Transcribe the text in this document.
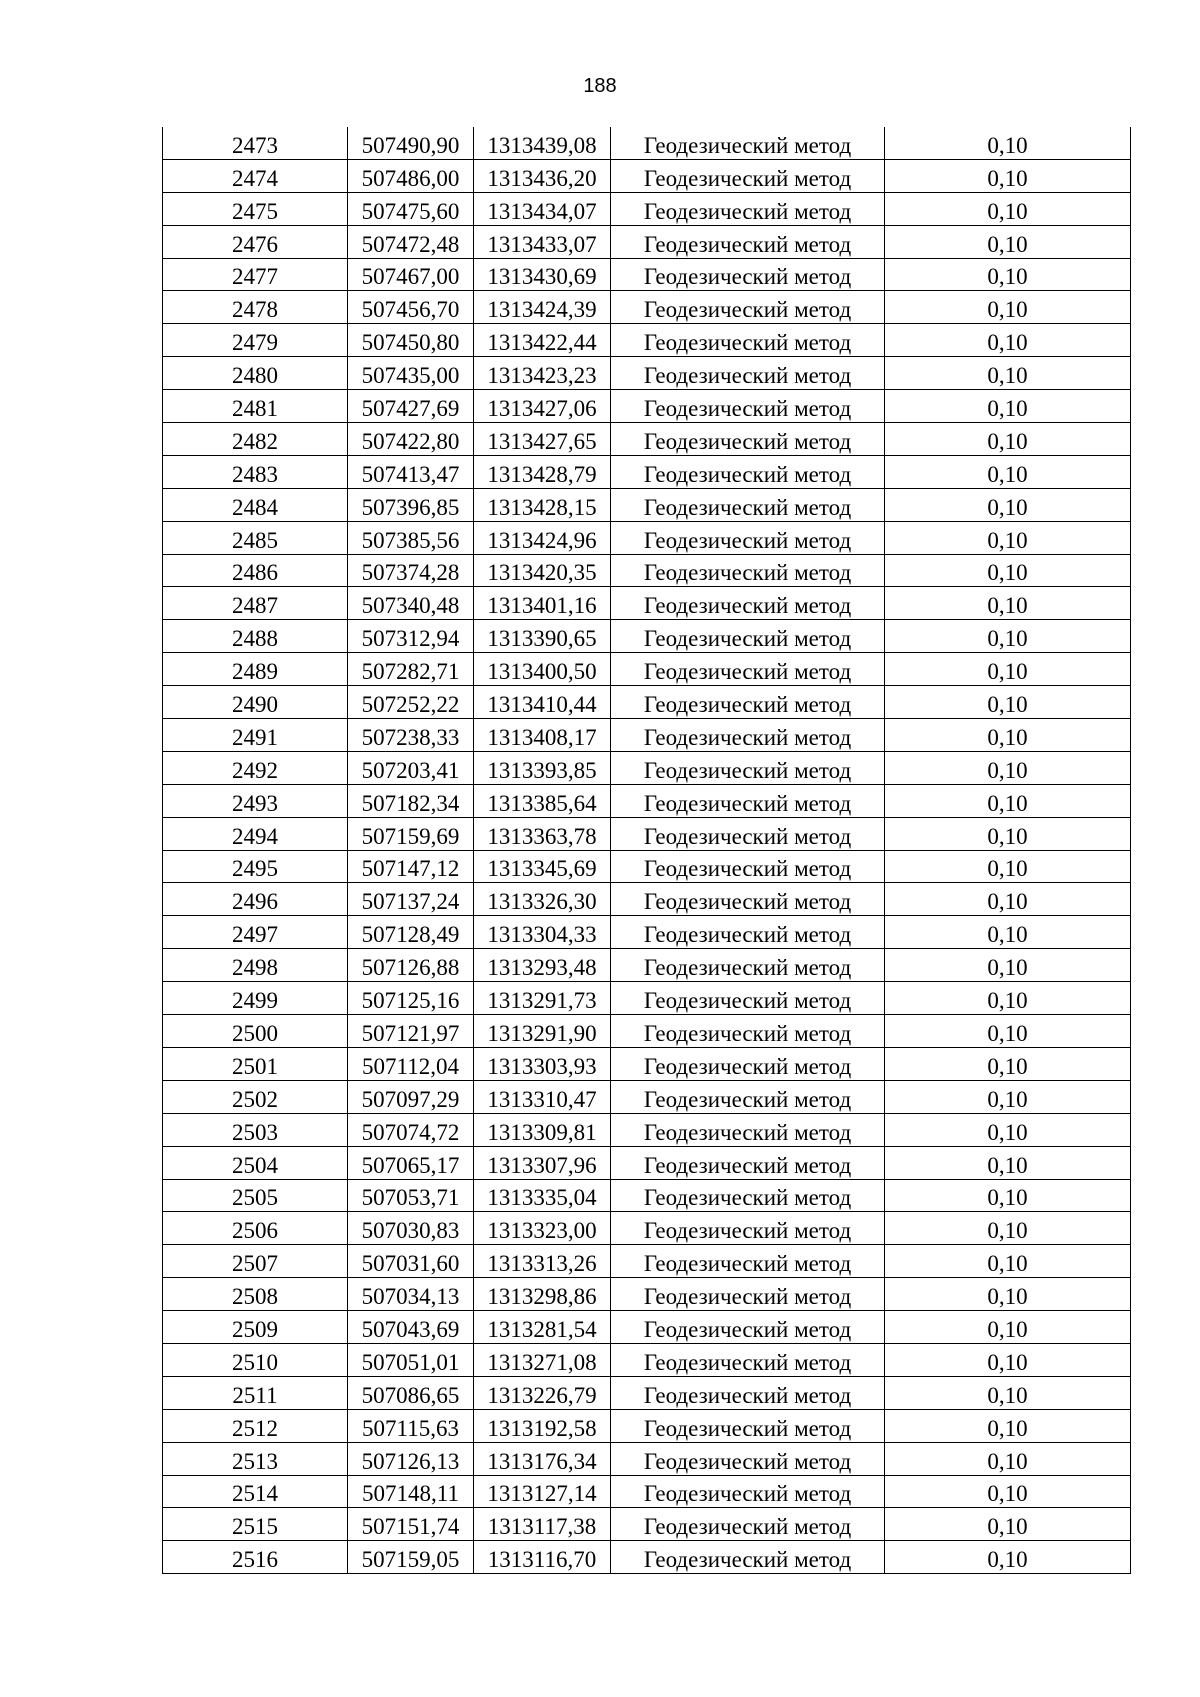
188
2473	507490,90	1313439,08	Геодезический метод	0,10
2474	507486,00	1313436,20	Геодезический метод	0,10
2475	507475,60	1313434,07	Геодезический метод	0,10
2476	507472,48	1313433,07	Геодезический метод	0,10
2477	507467,00	1313430,69	Геодезический метод	0,10
2478	507456,70	1313424,39	Геодезический метод	0,10
2479	507450,80	1313422,44	Геодезический метод	0,10
2480	507435,00	1313423,23	Геодезический метод	0,10
2481	507427,69	1313427,06	Геодезический метод	0,10
2482	507422,80	1313427,65	Геодезический метод	0,10
2483	507413,47	1313428,79	Геодезический метод	0,10
2484	507396,85	1313428,15	Геодезический метод	0,10
2485	507385,56	1313424,96	Геодезический метод	0,10
2486	507374,28	1313420,35	Геодезический метод	0,10
2487	507340,48	1313401,16	Геодезический метод	0,10
2488	507312,94	1313390,65	Геодезический метод	0,10
2489	507282,71	1313400,50	Геодезический метод	0,10
2490	507252,22	1313410,44	Геодезический метод	0,10
2491	507238,33	1313408,17	Геодезический метод	0,10
2492	507203,41	1313393,85	Геодезический метод	0,10
2493	507182,34	1313385,64	Геодезический метод	0,10
2494	507159,69	1313363,78	Геодезический метод	0,10
2495	507147,12	1313345,69	Геодезический метод	0,10
2496	507137,24	1313326,30	Геодезический метод	0,10
2497	507128,49	1313304,33	Геодезический метод	0,10
2498	507126,88	1313293,48	Геодезический метод	0,10
2499	507125,16	1313291,73	Геодезический метод	0,10
2500	507121,97	1313291,90	Геодезический метод	0,10
2501	507112,04	1313303,93	Геодезический метод	0,10
2502	507097,29	1313310,47	Геодезический метод	0,10
2503	507074,72	1313309,81	Геодезический метод	0,10
2504	507065,17	1313307,96	Геодезический метод	0,10
2505	507053,71	1313335,04	Геодезический метод	0,10
2506	507030,83	1313323,00	Геодезический метод	0,10
2507	507031,60	1313313,26	Геодезический метод	0,10
2508	507034,13	1313298,86	Геодезический метод	0,10
2509	507043,69	1313281,54	Геодезический метод	0,10
2510	507051,01	1313271,08	Геодезический метод	0,10
2511	507086,65	1313226,79	Геодезический метод	0,10
2512	507115,63	1313192,58	Геодезический метод	0,10
2513	507126,13	1313176,34	Геодезический метод	0,10
2514	507148,11	1313127,14	Геодезический метод	0,10
2515	507151,74	1313117,38	Геодезический метод	0,10
2516	507159,05	1313116,70	Геодезический метод	0,10
